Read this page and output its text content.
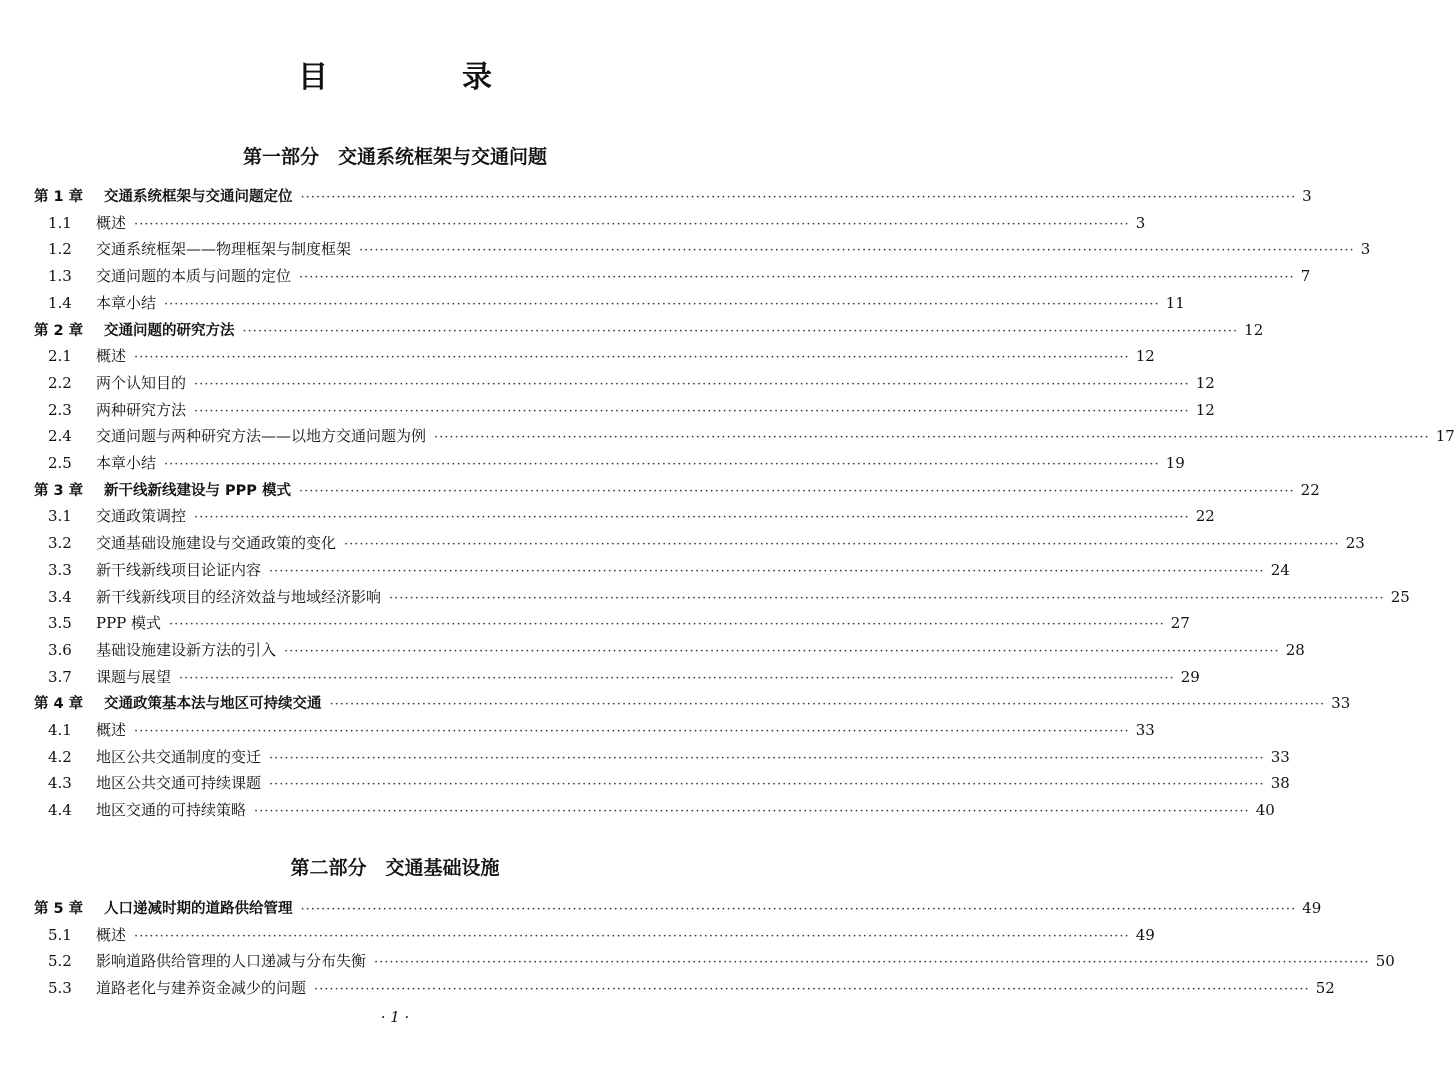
目　录
第一部分　交通系统框架与交通问题
第二部分　交通基础设施
第 1 章	交通系统框架与交通问题定位 ·····	3
1.1	概述 ·····	3
1.2	交通系统框架——物理框架与制度框架 ·····	3
1.3	交通问题的本质与问题的定位 ·····	7
1.4	本章小结 ·····	11
第 2 章	交通问题的研究方法 ·····	12
2.1	概述 ·····	12
2.2	两个认知目的 ·····	12
2.3	两种研究方法 ·····	12
2.4	交通问题与两种研究方法——以地方交通问题为例 ·····	17
2.5	本章小结 ·····	19
第 3 章	新干线新线建设与 PPP 模式 ·····	22
3.1	交通政策调控 ·····	22
3.2	交通基础设施建设与交通政策的变化 ·····	23
3.3	新干线新线项目论证内容 ·····	24
3.4	新干线新线项目的经济效益与地域经济影响 ·····	25
3.5	PPP 模式 ·····	27
3.6	基础设施建设新方法的引入 ·····	28
3.7	课题与展望 ·····	29
第 4 章	交通政策基本法与地区可持续交通 ·····	33
4.1	概述 ·····	33
4.2	地区公共交通制度的变迁 ·····	33
4.3	地区公共交通可持续课题 ·····	38
4.4	地区交通的可持续策略 ·····	40
第 5 章	人口递减时期的道路供给管理 ·····	49
5.1	概述 ·····	49
5.2	影响道路供给管理的人口递减与分布失衡 ·····	50
5.3	道路老化与建养资金减少的问题 ·····	52

· 1 ·
